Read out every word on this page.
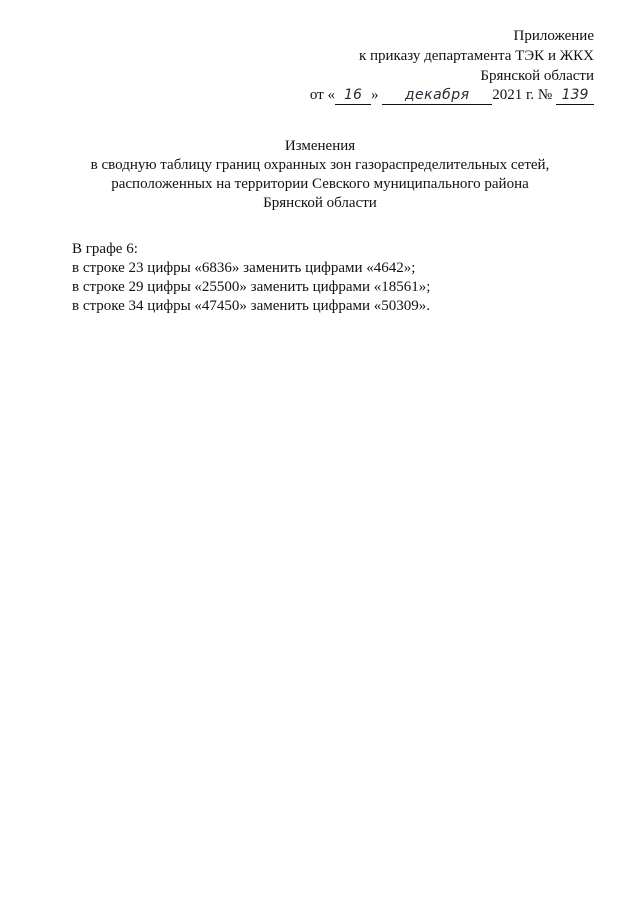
Приложение
к приказу департамента ТЭК и ЖКХ
Брянской области
от « 16 » декабря 2021 г. № 139
Изменения
в сводную таблицу границ охранных зон газораспределительных сетей,
расположенных на территории Севского муниципального района
Брянской области
В графе 6:
в строке 23 цифры «6836» заменить цифрами «4642»;
в строке 29 цифры «25500» заменить цифрами «18561»;
в строке 34 цифры «47450» заменить цифрами «50309».
